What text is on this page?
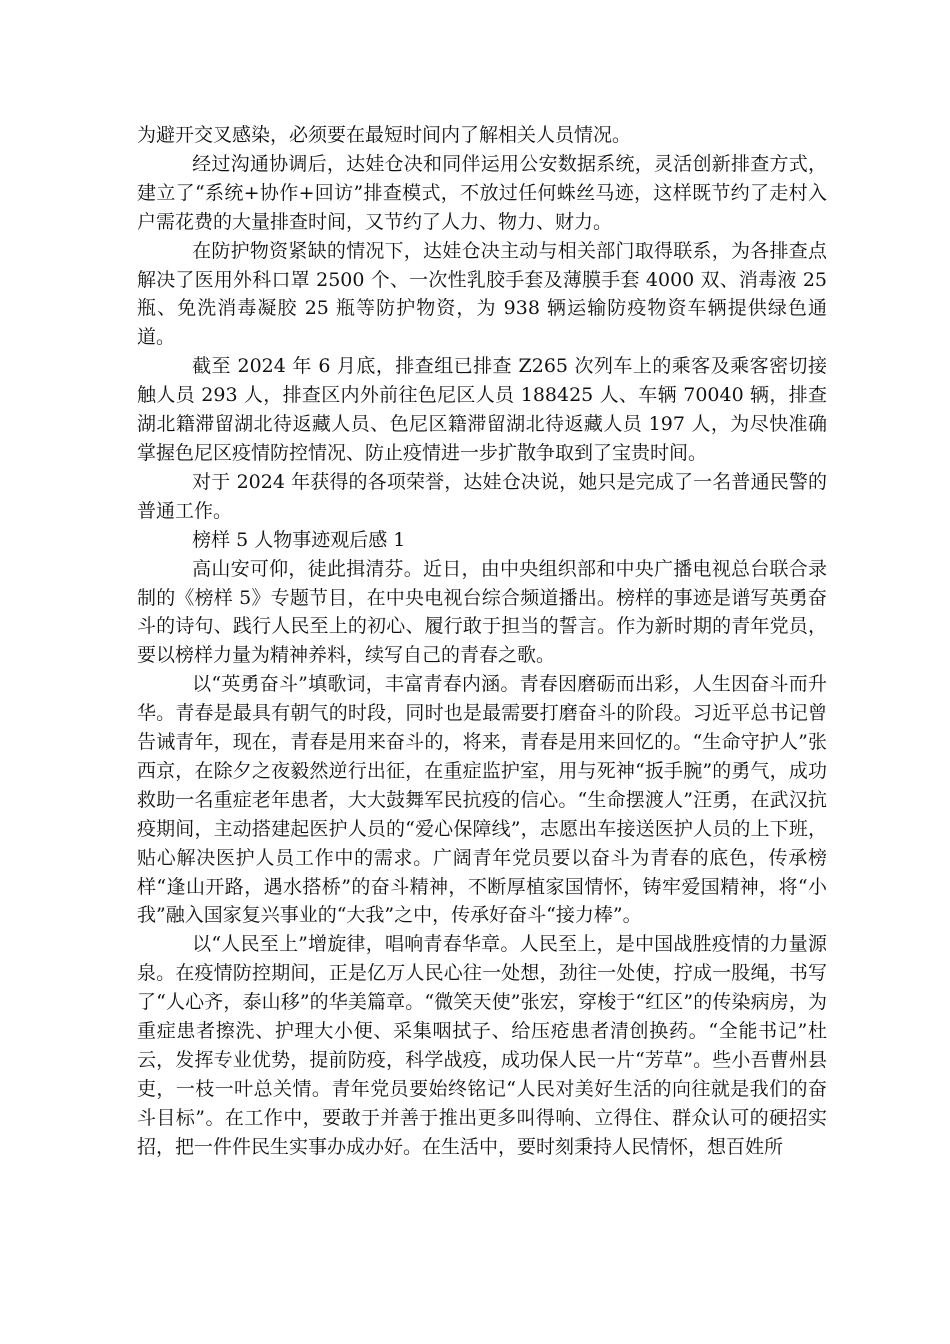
为避开交叉感染，必须要在最短时间内了解相关人员情况。

经过沟通协调后，达娃仓决和同伴运用公安数据系统，灵活创新排查方式，建立了“系统+协作+回访”排查模式，不放过任何蛛丝马迹，这样既节约了走村入户需花费的大量排查时间，又节约了人力、物力、财力。

在防护物资紧缺的情况下，达娃仓决主动与相关部门取得联系，为各排查点解决了医用外科口罩 2500 个、一次性乳胶手套及薄膜手套 4000 双、消毒液 25 瓶、免洗消毒凝胶 25 瓶等防护物资，为 938 辆运输防疫物资车辆提供绿色通道。

截至 2024 年 6 月底，排查组已排查 Z265 次列车上的乘客及乘客密切接触人员 293 人，排查区内外前往色尼区人员 188425 人、车辆 70040 辆，排查湖北籍滞留湖北待返藏人员、色尼区籍滞留湖北待返藏人员 197 人，为尽快准确掌握色尼区疫情防控情况、防止疫情进一步扩散争取到了宝贵时间。

对于 2024 年获得的各项荣誉，达娃仓决说，她只是完成了一名普通民警的普通工作。

榜样 5 人物事迹观后感 1

高山安可仰，徒此揖清芬。近日，由中央组织部和中央广播电视总台联合录制的《榜样 5》专题节目，在中央电视台综合频道播出。榜样的事迹是谱写英勇奋斗的诗句、践行人民至上的初心、履行敢于担当的誓言。作为新时期的青年党员，要以榜样力量为精神养料，续写自己的青春之歌。

以“英勇奋斗”填歌词，丰富青春内涵。青春因磨砺而出彩，人生因奋斗而升华。青春是最具有朝气的时段，同时也是最需要打磨奋斗的阶段。习近平总书记曾告诫青年，现在，青春是用来奋斗的，将来，青春是用来回忆的。“生命守护人”张西京，在除夕之夜毅然逆行出征，在重症监护室，用与死神“扳手腕”的勇气，成功救助一名重症老年患者，大大鼓舞军民抗疫的信心。“生命摆渡人”汪勇，在武汉抗疫期间，主动搭建起医护人员的“爱心保障线”，志愿出车接送医护人员的上下班，贴心解决医护人员工作中的需求。广阔青年党员要以奋斗为青春的底色，传承榜样“逢山开路，遇水搭桥”的奋斗精神，不断厚植家国情怀，铸牢爱国精神，将“小我”融入国家复兴事业的“大我”之中，传承好奋斗“接力棒”。

以“人民至上”增旋律，唱响青春华章。人民至上，是中国战胜疫情的力量源泉。在疫情防控期间，正是亿万人民心往一处想，劲往一处使，拧成一股绳，书写了“人心齐，泰山移”的华美篇章。“微笑天使”张宏，穿梭于“红区”的传染病房，为重症患者擦洗、护理大小便、采集咽拭子、给压疮患者清创换药。“全能书记”杜云，发挥专业优势，提前防疫，科学战疫，成功保人民一片“芳草”。些小吾曹州县吏，一枝一叶总关情。青年党员要始终铭记“人民对美好生活的向往就是我们的奋斗目标”。在工作中，要敢于并善于推出更多叫得响、立得住、群众认可的硬招实招，把一件件民生实事办成办好。在生活中，要时刻秉持人民情怀，想百姓所
